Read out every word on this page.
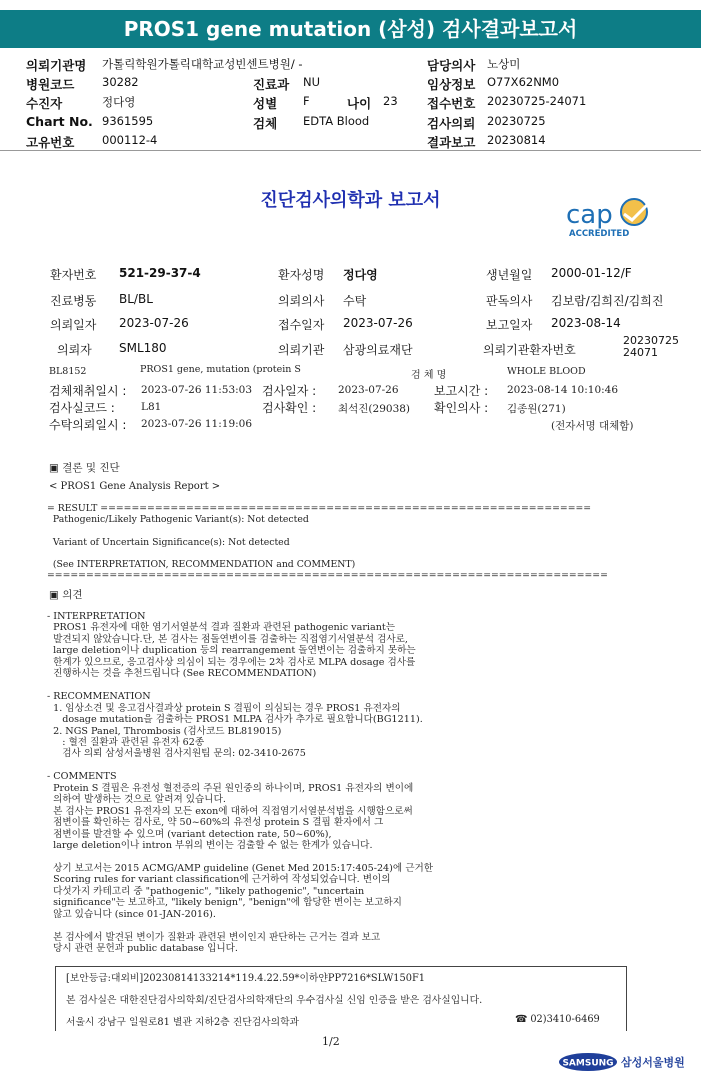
PROS1 gene mutation (삼성) 검사결과보고서
의뢰기관명 가톨릭학원가톨릭대학교성빈센트병원/ -	담당의사 노상미
병원코드 30282	진료과 NU	임상정보 O77X62NM0
수진자	정다영	성별 F	나이 23 접수번호 20230725-24071
Chart No. 9361595	검체 EDTA Blood	검사의뢰 20230725
고유번호 000112-4	결과보고 20230814
진단검사의학과 보고서	cap
ACCREDITED
환자번호 521-29-37-4	환자성명 정다영	생년월일 2000-01-12/F
진료병동 BL/BL	의뢰의사 수탁	판독의사 김보람/김희진/김희진
의뢰일자 2023-07-26	접수일자 2023-07-26	보고일자 2023-08-14
의뢰자 SML180	의뢰기관 삼광의료재단	의뢰기관환자번호
2023072524071
BL8152	PROS1 gene, mutation (protein S
검 체 명	WHOLE BLOOD
검체채취일시 : 2023-07-26 11:53:03 검사일자 : 2023-07-26	보고시간 : 2023-08-14 10:10:46
검사실코드 : L81	검사확인 : 최석진(29038) 확인의사 : 김종원(271)
수탁의뢰일시 : 2023-07-26 11:19:06	(전자서명 대체함)
▣ 결론 및 진단
< PROS1 Gene Analysis Report >
= RESULT ===============================================================
Pathogenic/Likely Pathogenic Variant(s): Not detected

Variant of Uncertain Significance(s): Not detected

(See INTERPRETATION, RECOMMENDATION and COMMENT)
========================================================================
▣ 의견
- INTERPRETATION
PROS1 유전자에 대한 염기서열분석 결과 질환과 관련된 pathogenic variant는
발견되지 않았습니다.단, 본 검사는 점돌연변이를 검출하는 직접염기서열분석 검사로,
large deletion이나 duplication 등의 rearrangement 돌연변이는 검출하지 못하는
한계가 있으므로, 응고검사상 의심이 되는 경우에는 2차 검사로 MLPA dosage 검사를
진행하시는 것을 추천드립니다 (See RECOMMENDATION)

- RECOMMENATION
1. 임상소견 및 응고검사결과상 protein S 결핍이 의심되는 경우 PROS1 유전자의
dosage mutation을 검출하는 PROS1 MLPA 검사가 추가로 필요합니다(BG1211).
2. NGS Panel, Thrombosis (검사코드 BL819015)
: 혈전 질환과 관련된 유전자 62종
검사 의뢰 삼성서울병원 검사지원팀 문의: 02-3410-2675

- COMMENTS
Protein S 결핍은 유전성 혈전증의 주된 원인중의 하나이며, PROS1 유전자의 변이에
의하여 발생하는 것으로 알려져 있습니다.
본 검사는 PROS1 유전자의 모든 exon에 대하여 직접염기서열분석법을 시행함으로써
점변이를 확인하는 검사로, 약 50~60%의 유전성 protein S 결핍 환자에서 그
점변이를 발견할 수 있으며 (variant detection rate, 50~60%),
large deletion이나 intron 부위의 변이는 검출할 수 없는 한계가 있습니다.

상기 보고서는 2015 ACMG/AMP guideline (Genet Med 2015:17:405-24)에 근거한
Scoring rules for variant classification에 근거하여 작성되었습니다. 변이의
다섯가지 카테고리 중 "pathogenic", "likely pathogenic", "uncertain
significance"는 보고하고, "likely benign", "benign"에 합당한 변이는 보고하지
않고 있습니다 (since 01-JAN-2016).

본 검사에서 발견된 변이가 질환과 관련된 변이인지 판단하는 근거는 결과 보고
당시 관련 문헌과 public database 입니다.
[보안등급:대외비]20230814133214*119.4.22.59*이하얀PP7216*SLW150F1
본 검사실은 대한진단검사의학회/진단검사의학재단의 우수검사실 신임 인증을 받은 검사실입니다.
서울시 강남구 일원로81 별관 지하2층 진단검사의학과	☎ 02)3410-6469
1/2
SAMSUNG 삼성서울병원
